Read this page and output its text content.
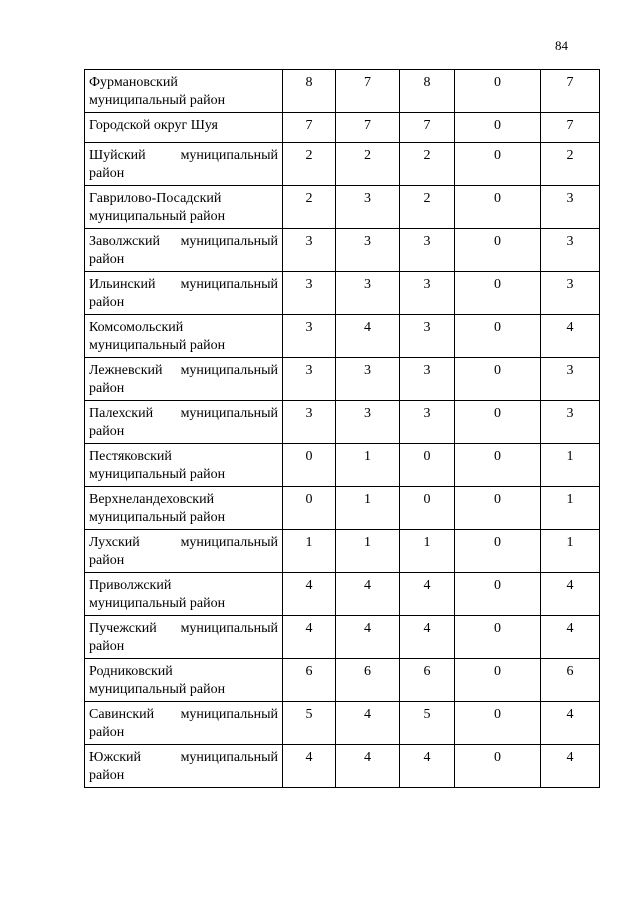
84
Фурмановский
муниципальный район	8	7	8	0	7

Городской округ Шуя	7	7	7	0	7

Шуйский муниципальный
район	2	2	2	0	2

Гаврилово-Посадский
муниципальный район	2	3	2	0	3

Заволжский муниципальный
район	3	3	3	0	3

Ильинский муниципальный
район	3	3	3	0	3

Комсомольский
муниципальный район	3	4	3	0	4

Лежневский муниципальный
район	3	3	3	0	3

Палехский муниципальный
район	3	3	3	0	3

Пестяковский
муниципальный район	0	1	0	0	1

Верхнеландеховский
муниципальный район	0	1	0	0	1

Лухский муниципальный
район	1	1	1	0	1

Приволжский
муниципальный район	4	4	4	0	4

Пучежский муниципальный
район	4	4	4	0	4

Родниковский
муниципальный район	6	6	6	0	6

Савинский муниципальный
район	5	4	5	0	4

Южский муниципальный
район	4	4	4	0	4
